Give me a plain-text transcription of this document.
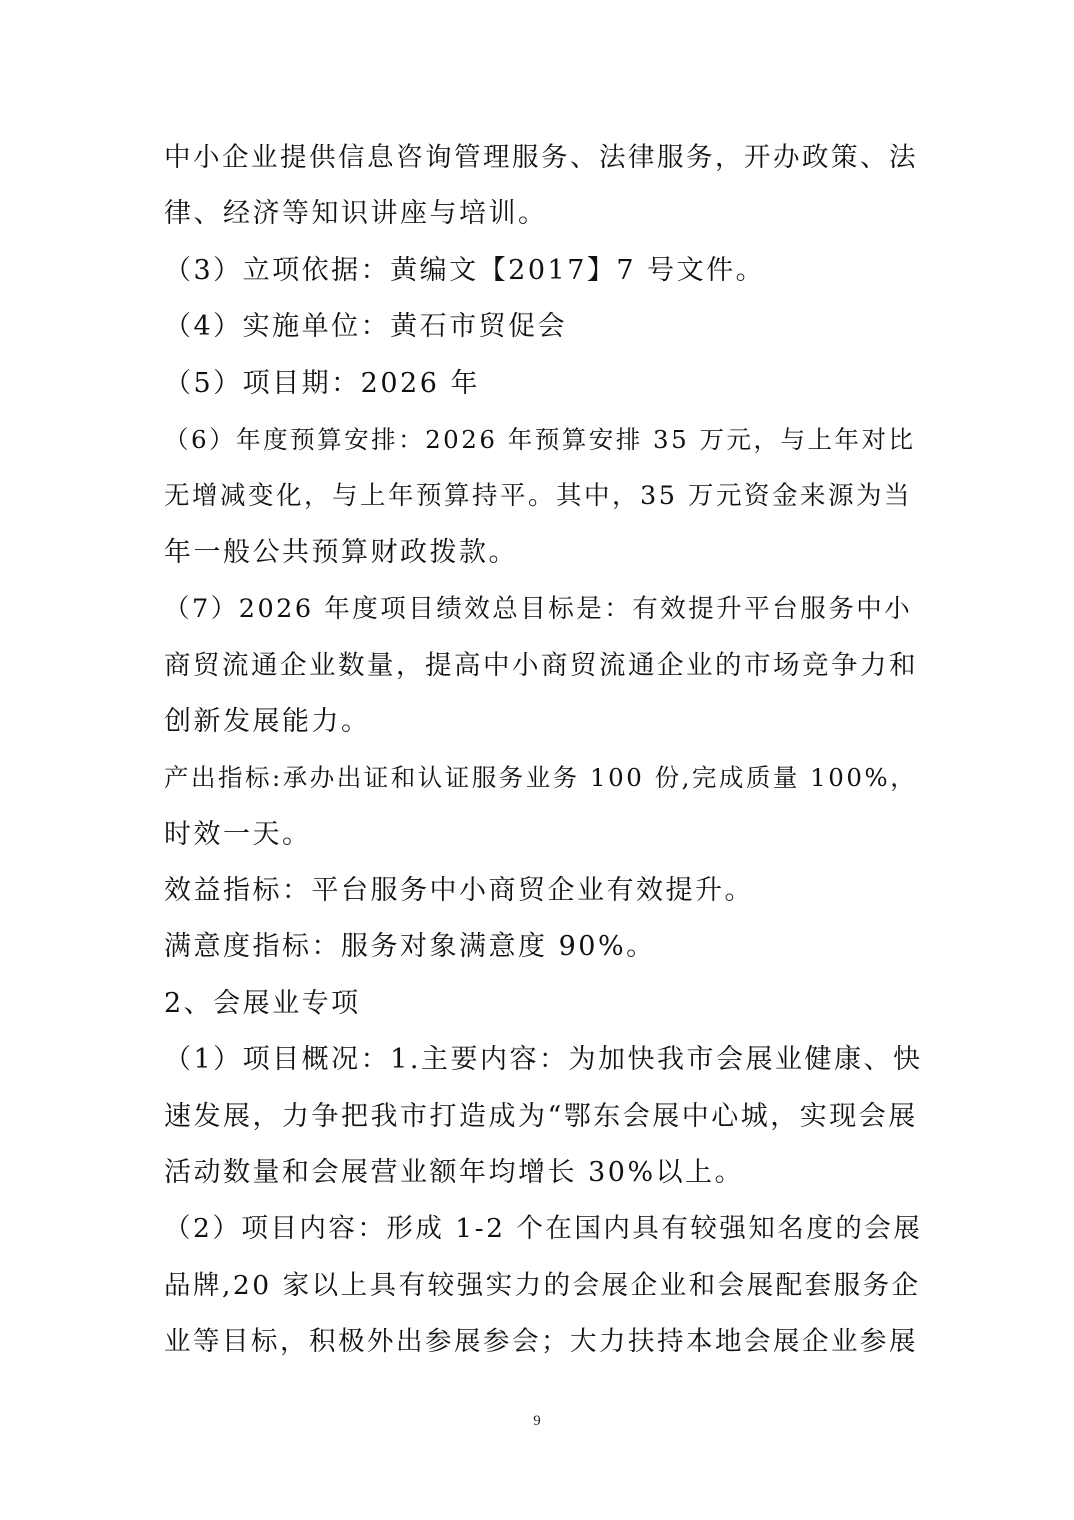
中小企业提供信息咨询管理服务、法律服务，开办政策、法
律、经济等知识讲座与培训。
（3）立项依据：黄编文【2017】7 号文件。
（4）实施单位：黄石市贸促会
（5）项目期：2026 年
（6）年度预算安排：2026 年预算安排 35 万元，与上年对比
无增减变化，与上年预算持平。其中，35 万元资金来源为当
年一般公共预算财政拨款。
（7）2026 年度项目绩效总目标是：有效提升平台服务中小
商贸流通企业数量，提高中小商贸流通企业的市场竞争力和
创新发展能力。
产出指标:承办出证和认证服务业务 100 份,完成质量 100%，
时效一天。
效益指标：平台服务中小商贸企业有效提升。
满意度指标：服务对象满意度 90%。
2、会展业专项
（1）项目概况：1.主要内容：为加快我市会展业健康、快
速发展，力争把我市打造成为“鄂东会展中心城，实现会展
活动数量和会展营业额年均增长 30%以上。
（2）项目内容：形成 1-2 个在国内具有较强知名度的会展
品牌,20 家以上具有较强实力的会展企业和会展配套服务企
业等目标，积极外出参展参会；大力扶持本地会展企业参展
9
